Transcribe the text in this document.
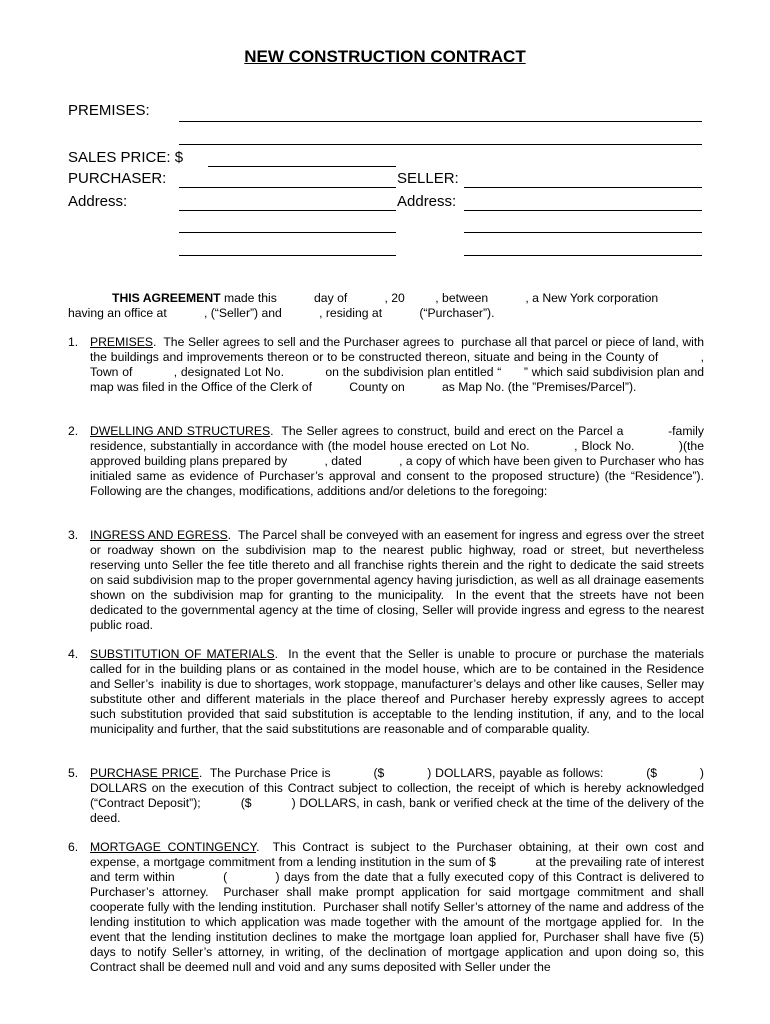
NEW CONSTRUCTION CONTRACT
PREMISES:
SALES PRICE: $
PURCHASER:	SELLER:
Address:	Address:
THIS AGREEMENT made this           day of           , 20         , between           , a New York corporation
having an office at           , (“Seller”) and           , residing at           (“Purchaser”).
1. PREMISES.  The Seller agrees to sell and the Purchaser agrees to  purchase all that parcel or piece of land, with the buildings and improvements thereon or to be constructed thereon, situate and being in the County of           , Town of           , designated Lot No.           on the subdivision plan entitled “      ” which said subdivision plan and map was filed in the Office of the Clerk of           County on           as Map No. (the ”Premises/Parcel”).
2. DWELLING AND STRUCTURES.  The Seller agrees to construct, build and erect on the Parcel a           -family residence, substantially in accordance with (the model house erected on Lot No.           , Block No.           )(the approved building plans prepared by           , dated           , a copy of which have been given to Purchaser who has initialed same as evidence of Purchaser’s approval and consent to the proposed structure) (the “Residence”).  Following are the changes, modifications, additions and/or deletions to the foregoing:
3. INGRESS AND EGRESS.  The Parcel shall be conveyed with an easement for ingress and egress over the street or roadway shown on the subdivision map to the nearest public highway, road or street, but nevertheless reserving unto Seller the fee title thereto and all franchise rights therein and the right to dedicate the said streets on said subdivision map to the proper governmental agency having jurisdiction, as well as all drainage easements shown on the subdivision map for granting to the municipality.  In the event that the streets have not been dedicated to the governmental agency at the time of closing, Seller will provide ingress and egress to the nearest public road.
4. SUBSTITUTION OF MATERIALS.  In the event that the Seller is unable to procure or purchase the materials called for in the building plans or as contained in the model house, which are to be contained in the Residence and Seller’s  inability is due to shortages, work stoppage, manufacturer’s delays and other like causes, Seller may substitute other and different materials in the place thereof and Purchaser hereby expressly agrees to accept such substitution provided that said substitution is acceptable to the lending institution, if any, and to the local municipality and further, that the said substitutions are reasonable and of comparable quality.
5. PURCHASE PRICE.  The Purchase Price is           ($           ) DOLLARS, payable as follows:           ($           ) DOLLARS on the execution of this Contract subject to collection, the receipt of which is hereby acknowledged (“Contract Deposit”);           ($           ) DOLLARS, in cash, bank or verified check at the time of the delivery of the deed.
6. MORTGAGE CONTINGENCY.  This Contract is subject to the Purchaser obtaining, at their own cost and expense, a mortgage commitment from a lending institution in the sum of $           at the prevailing rate of interest and term within           (           ) days from the date that a fully executed copy of this Contract is delivered to Purchaser’s attorney.  Purchaser shall make prompt application for said mortgage commitment and shall cooperate fully with the lending institution.  Purchaser shall notify Seller’s attorney of the name and address of the lending institution to which application was made together with the amount of the mortgage applied for.  In the event that the lending institution declines to make the mortgage loan applied for, Purchaser shall have five (5) days to notify Seller’s attorney, in writing, of the declination of mortgage application and upon doing so, this Contract shall be deemed null and void and any sums deposited with Seller under the
